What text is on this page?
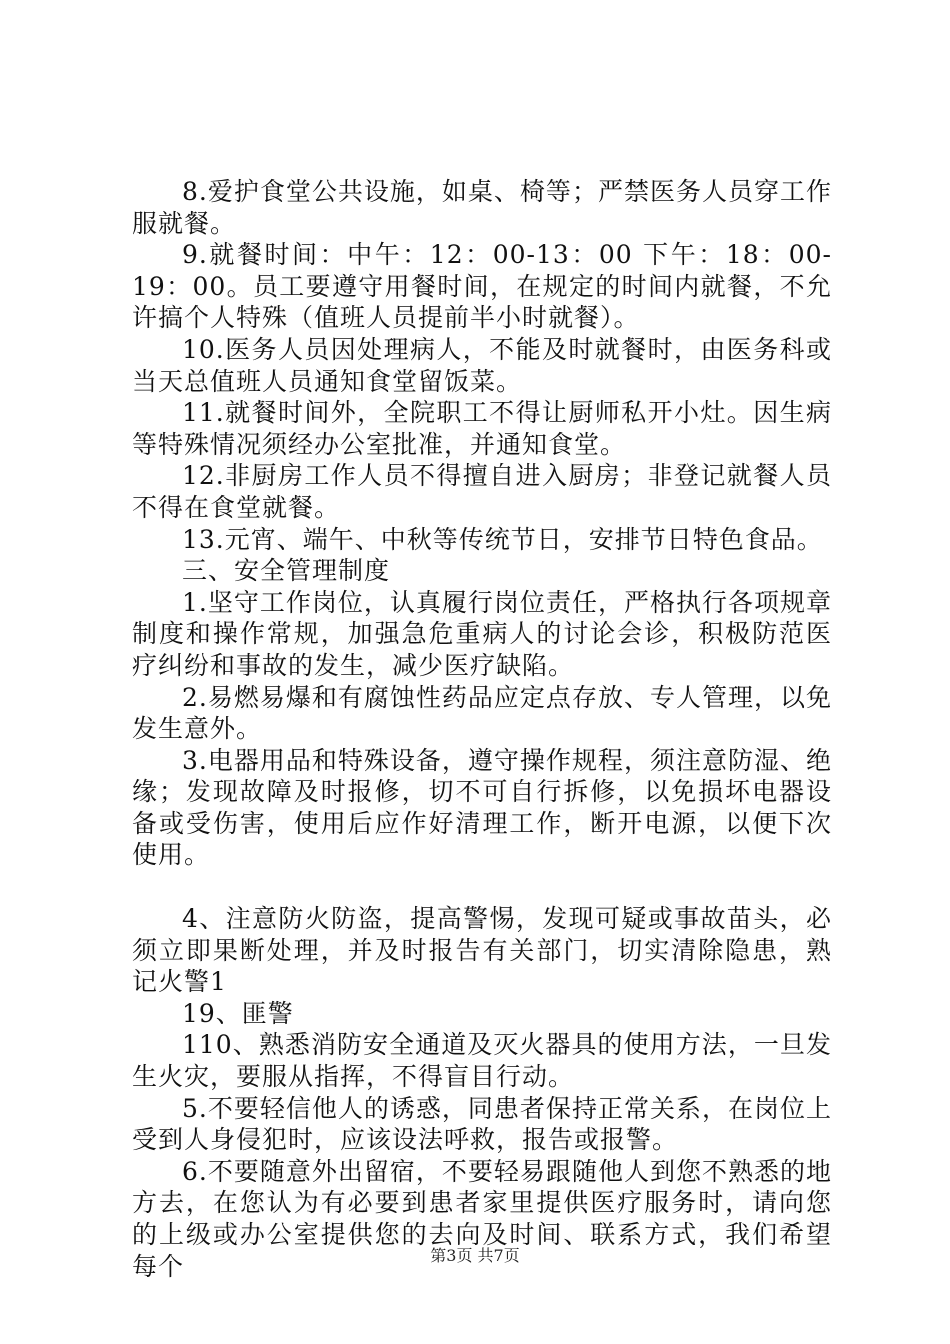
8.爱护食堂公共设施，如桌、椅等；严禁医务人员穿工作服就餐。

9.就餐时间：中午：12：00-13：00 下午：18：00-19：00。员工要遵守用餐时间，在规定的时间内就餐，不允许搞个人特殊（值班人员提前半小时就餐）。

10.医务人员因处理病人，不能及时就餐时，由医务科或当天总值班人员通知食堂留饭菜。

11.就餐时间外，全院职工不得让厨师私开小灶。因生病等特殊情况须经办公室批准，并通知食堂。

12.非厨房工作人员不得擅自进入厨房；非登记就餐人员不得在食堂就餐。

13.元宵、端午、中秋等传统节日，安排节日特色食品。

三、安全管理制度

1.坚守工作岗位，认真履行岗位责任，严格执行各项规章制度和操作常规，加强急危重病人的讨论会诊，积极防范医疗纠纷和事故的发生，减少医疗缺陷。

2.易燃易爆和有腐蚀性药品应定点存放、专人管理，以免发生意外。

3.电器用品和特殊设备，遵守操作规程，须注意防湿、绝缘；发现故障及时报修，切不可自行拆修，以免损坏电器设备或受伤害，使用后应作好清理工作，断开电源，以便下次使用。

4、注意防火防盗，提高警惕，发现可疑或事故苗头，必须立即果断处理，并及时报告有关部门，切实清除隐患，熟记火警1

19、匪警

110、熟悉消防安全通道及灭火器具的使用方法，一旦发生火灾，要服从指挥，不得盲目行动。

5.不要轻信他人的诱惑，同患者保持正常关系，在岗位上受到人身侵犯时，应该设法呼救，报告或报警。

6.不要随意外出留宿，不要轻易跟随他人到您不熟悉的地方去，在您认为有必要到患者家里提供医疗服务时，请向您的上级或办公室提供您的去向及时间、联系方式，我们希望每个	第3页 共7页
